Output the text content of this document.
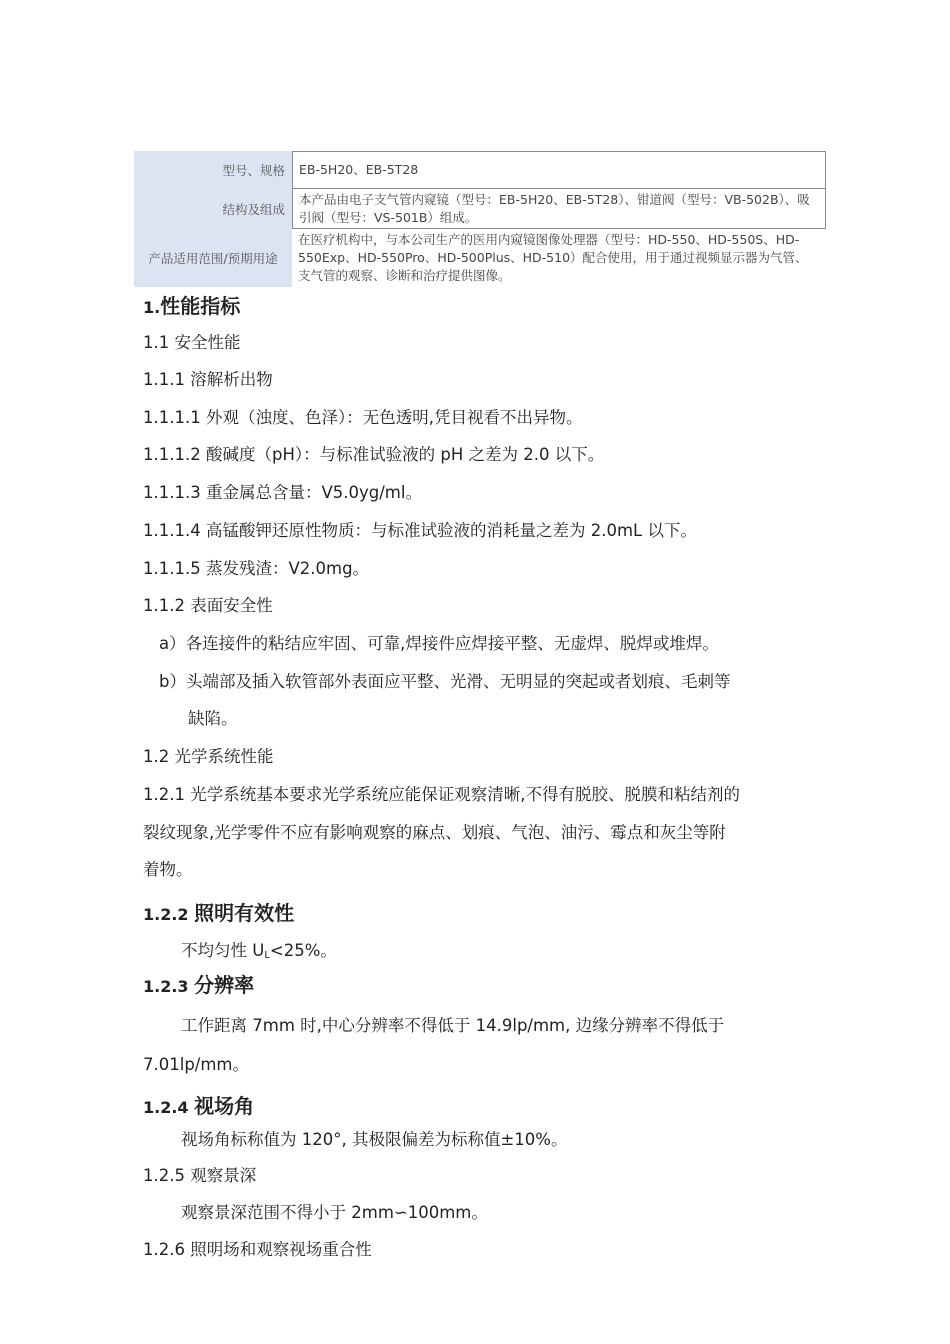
型号、规格	EB-5H20、EB-5T28
结构及组成
本产品由电子支气管内窥镜（型号：EB-5H20、EB-5T28）、钳道阀（型号：VB-502B）、吸引阀（型号：VS-501B）组成。
产品适用范围/预期用途
在医疗机构中，与本公司生产的医用内窥镜图像处理器（型号：HD-550、HD-550S、HD-550Exp、HD-550Pro、HD-500Plus、HD-510）配合使用，用于通过视频显示器为气管、支气管的观察、诊断和治疗提供图像。
1.性能指标
1.1 安全性能
1.1.1 溶解析出物
1.1.1.1 外观（浊度、色泽）：无色透明,凭目视看不出异物。
1.1.1.2 酸碱度（pH）：与标准试验液的 pH 之差为 2.0 以下。
1.1.1.3 重金属总含量：V5.0yg/ml。
1.1.1.4 高锰酸钾还原性物质：与标准试验液的消耗量之差为 2.0mL 以下。
1.1.1.5 蒸发残渣：V2.0mg。
1.1.2 表面安全性
a）各连接件的粘结应牢固、可靠,焊接件应焊接平整、无虚焊、脱焊或堆焊。
b）头端部及插入软管部外表面应平整、光滑、无明显的突起或者划痕、毛刺等
缺陷。
1.2 光学系统性能
1.2.1 光学系统基本要求光学系统应能保证观察清晰,不得有脱胶、脱膜和粘结剂的
裂纹现象,光学零件不应有影响观察的麻点、划痕、气泡、油污、霉点和灰尘等附
着物。
1.2.2 照明有效性
不均匀性 $U_L<25\%$。
1.2.3 分辨率
工作距离 7mm 时,中心分辨率不得低于 14.9lp/mm, 边缘分辨率不得低于
7.01lp/mm。
1.2.4 视场角
视场角标称值为 120°, 其极限偏差为标称值±10%。
1.2.5 观察景深
观察景深范围不得小于 2mm∽100mm。
1.2.6 照明场和观察视场重合性
